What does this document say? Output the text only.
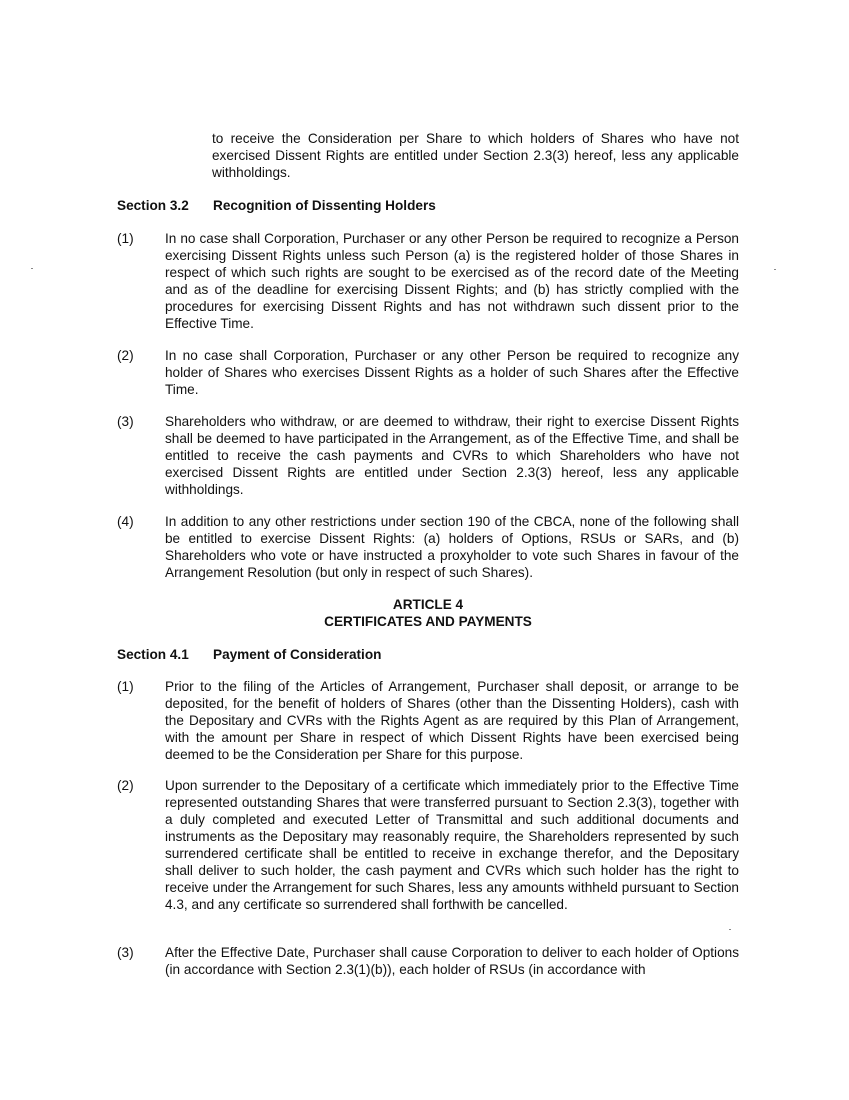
to receive the Consideration per Share to which holders of Shares who have not exercised Dissent Rights are entitled under Section 2.3(3) hereof, less any applicable withholdings.
Section 3.2 Recognition of Dissenting Holders
(1) In no case shall Corporation, Purchaser or any other Person be required to recognize a Person exercising Dissent Rights unless such Person (a) is the registered holder of those Shares in respect of which such rights are sought to be exercised as of the record date of the Meeting and as of the deadline for exercising Dissent Rights; and (b) has strictly complied with the procedures for exercising Dissent Rights and has not withdrawn such dissent prior to the Effective Time.
(2) In no case shall Corporation, Purchaser or any other Person be required to recognize any holder of Shares who exercises Dissent Rights as a holder of such Shares after the Effective Time.
(3) Shareholders who withdraw, or are deemed to withdraw, their right to exercise Dissent Rights shall be deemed to have participated in the Arrangement, as of the Effective Time, and shall be entitled to receive the cash payments and CVRs to which Shareholders who have not exercised Dissent Rights are entitled under Section 2.3(3) hereof, less any applicable withholdings.
(4) In addition to any other restrictions under section 190 of the CBCA, none of the following shall be entitled to exercise Dissent Rights: (a) holders of Options, RSUs or SARs, and (b) Shareholders who vote or have instructed a proxyholder to vote such Shares in favour of the Arrangement Resolution (but only in respect of such Shares).
ARTICLE 4
CERTIFICATES AND PAYMENTS
Section 4.1 Payment of Consideration
(1) Prior to the filing of the Articles of Arrangement, Purchaser shall deposit, or arrange to be deposited, for the benefit of holders of Shares (other than the Dissenting Holders), cash with the Depositary and CVRs with the Rights Agent as are required by this Plan of Arrangement, with the amount per Share in respect of which Dissent Rights have been exercised being deemed to be the Consideration per Share for this purpose.
(2) Upon surrender to the Depositary of a certificate which immediately prior to the Effective Time represented outstanding Shares that were transferred pursuant to Section 2.3(3), together with a duly completed and executed Letter of Transmittal and such additional documents and instruments as the Depositary may reasonably require, the Shareholders represented by such surrendered certificate shall be entitled to receive in exchange therefor, and the Depositary shall deliver to such holder, the cash payment and CVRs which such holder has the right to receive under the Arrangement for such Shares, less any amounts withheld pursuant to Section 4.3, and any certificate so surrendered shall forthwith be cancelled.
(3) After the Effective Date, Purchaser shall cause Corporation to deliver to each holder of Options (in accordance with Section 2.3(1)(b)), each holder of RSUs (in accordance with
